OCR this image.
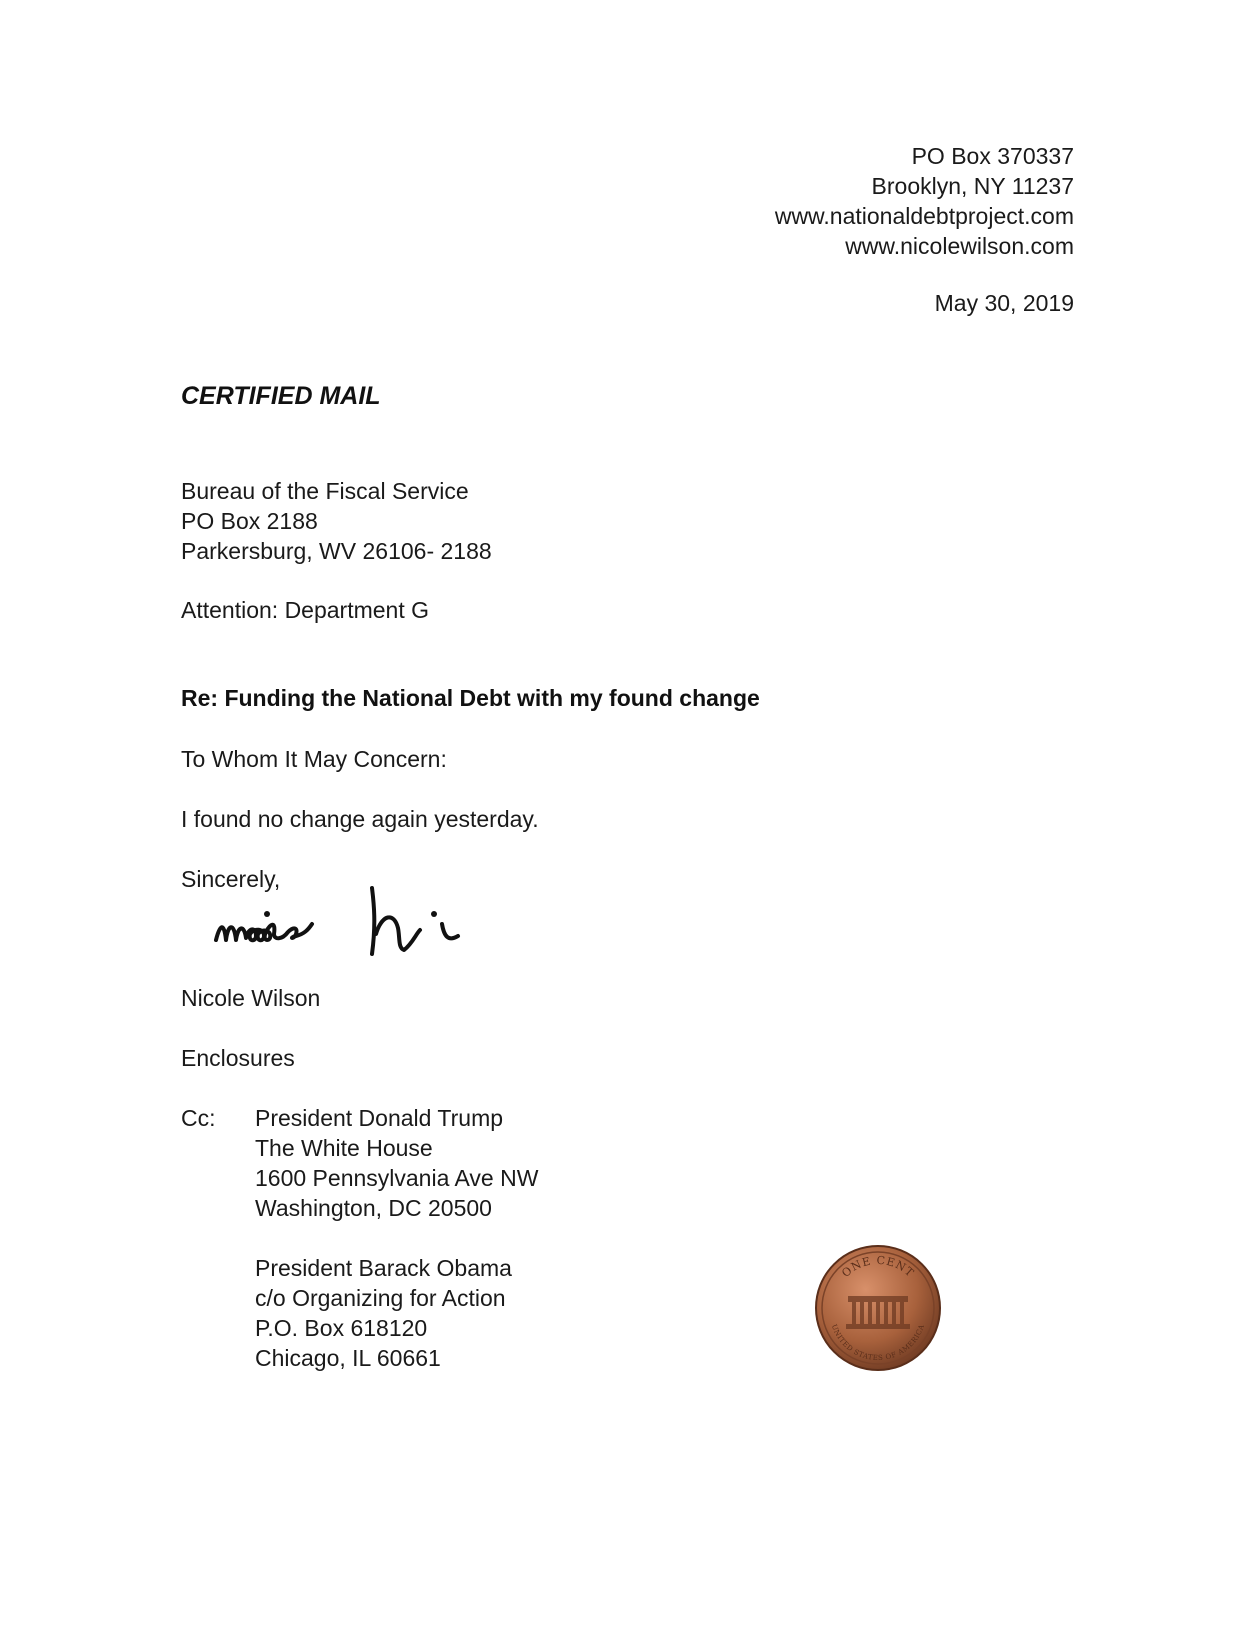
PO Box 370337
Brooklyn, NY 11237
www.nationaldebtproject.com
www.nicolewilson.com
May 30, 2019
CERTIFIED MAIL
Bureau of the Fiscal Service
PO Box 2188
Parkersburg, WV 26106- 2188
Attention: Department G
Re: Funding the National Debt with my found change
To Whom It May Concern:
I found no change again yesterday.
Sincerely,
Nicole Wilson
Enclosures
Cc: President Donald Trump
The White House
1600 Pennsylvania Ave NW
Washington, DC 20500
President Barack Obama
c/o Organizing for Action
P.O. Box 618120
Chicago, IL 60661
ONE CENT
UNITED STATES OF AMERICA
